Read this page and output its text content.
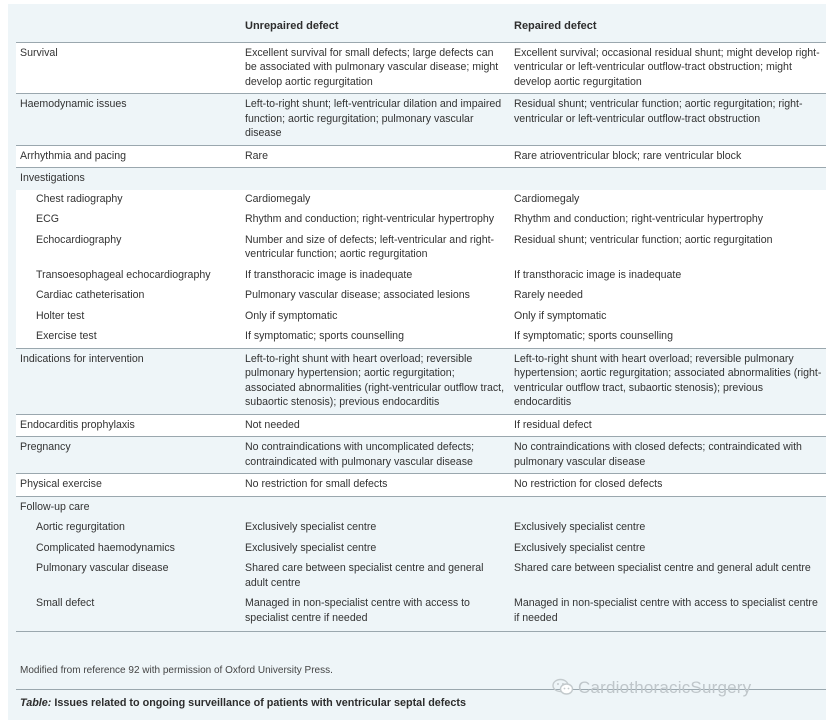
	Unrepaired defect	Repaired defect
Survival	Excellent survival for small defects; large defects can be associated with pulmonary vascular disease; might develop aortic regurgitation	Excellent survival; occasional residual shunt; might develop right-ventricular or left-ventricular outflow-tract obstruction; might develop aortic regurgitation
Haemodynamic issues	Left-to-right shunt; left-ventricular dilation and impaired function; aortic regurgitation; pulmonary vascular disease	Residual shunt; ventricular function; aortic regurgitation; right-ventricular or left-ventricular outflow-tract obstruction
Arrhythmia and pacing	Rare	Rare atrioventricular block; rare ventricular block
Investigations		
Chest radiography	Cardiomegaly	Cardiomegaly
ECG	Rhythm and conduction; right-ventricular hypertrophy	Rhythm and conduction; right-ventricular hypertrophy
Echocardiography	Number and size of defects; left-ventricular and right-ventricular function; aortic regurgitation	Residual shunt; ventricular function; aortic regurgitation
Transoesophageal echocardiography	If transthoracic image is inadequate	If transthoracic image is inadequate
Cardiac catheterisation	Pulmonary vascular disease; associated lesions	Rarely needed
Holter test	Only if symptomatic	Only if symptomatic
Exercise test	If symptomatic; sports counselling	If symptomatic; sports counselling
Indications for intervention	Left-to-right shunt with heart overload; reversible pulmonary hypertension; aortic regurgitation; associated abnormalities (right-ventricular outflow tract, subaortic stenosis); previous endocarditis	Left-to-right shunt with heart overload; reversible pulmonary hypertension; aortic regurgitation; associated abnormalities (right-ventricular outflow tract, subaortic stenosis); previous endocarditis
Endocarditis prophylaxis	Not needed	If residual defect
Pregnancy	No contraindications with uncomplicated defects; contraindicated with pulmonary vascular disease	No contraindications with closed defects; contraindicated with pulmonary vascular disease
Physical exercise	No restriction for small defects	No restriction for closed defects
Follow-up care		
Aortic regurgitation	Exclusively specialist centre	Exclusively specialist centre
Complicated haemodynamics	Exclusively specialist centre	Exclusively specialist centre
Pulmonary vascular disease	Shared care between specialist centre and general adult centre	Shared care between specialist centre and general adult centre
Small defect	Managed in non-specialist centre with access to specialist centre if needed	Managed in non-specialist centre with access to specialist centre if needed
Modified from reference 92 with permission of Oxford University Press.
Table: Issues related to ongoing surveillance of patients with ventricular septal defects
CardiothoracicSurgery
